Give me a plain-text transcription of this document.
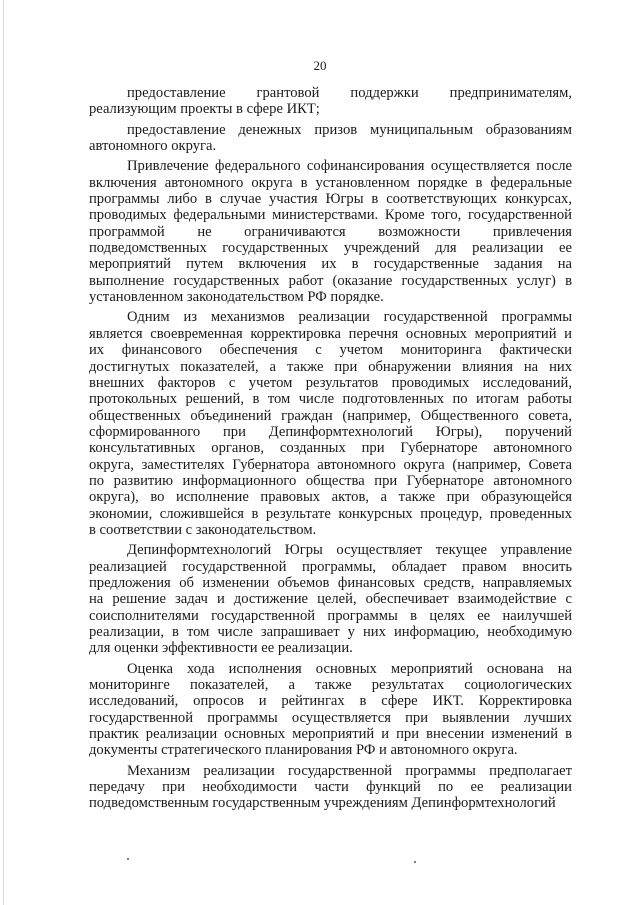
20

предоставление грантовой поддержки предпринимателям,
реализующим проекты в сфере ИКТ;

предоставление денежных призов муниципальным образованиям
автономного округа.

Привлечение федерального софинансирования осуществляется после
включения автономного округа в установленном порядке в федеральные
программы либо в случае участия Югры в соответствующих конкурсах,
проводимых федеральными министерствами. Кроме того, государственной
программой не ограничиваются возможности привлечения
подведомственных государственных учреждений для реализации ее
мероприятий путем включения их в государственные задания на
выполнение государственных работ (оказание государственных услуг) в
установленном законодательством РФ порядке.

Одним из механизмов реализации государственной программы
является своевременная корректировка перечня основных мероприятий и
их финансового обеспечения с учетом мониторинга фактически
достигнутых показателей, а также при обнаружении влияния на них
внешних факторов с учетом результатов проводимых исследований,
протокольных решений, в том числе подготовленных по итогам работы
общественных объединений граждан (например, Общественного совета,
сформированного при Депинформтехнологий Югры), поручений
консультативных органов, созданных при Губернаторе автономного
округа, заместителях Губернатора автономного округа (например, Совета
по развитию информационного общества при Губернаторе автономного
округа), во исполнение правовых актов, а также при образующейся
экономии, сложившейся в результате конкурсных процедур, проведенных
в соответствии с законодательством.

Депинформтехнологий Югры осуществляет текущее управление
реализацией государственной программы, обладает правом вносить
предложения об изменении объемов финансовых средств, направляемых
на решение задач и достижение целей, обеспечивает взаимодействие с
соисполнителями государственной программы в целях ее наилучшей
реализации, в том числе запрашивает у них информацию, необходимую
для оценки эффективности ее реализации.

Оценка хода исполнения основных мероприятий основана на
мониторинге показателей, а также результатах социологических
исследований, опросов и рейтингах в сфере ИКТ. Корректировка
государственной программы осуществляется при выявлении лучших
практик реализации основных мероприятий и при внесении изменений в
документы стратегического планирования РФ и автономного округа.

Механизм реализации государственной программы предполагает
передачу при необходимости части функций по ее реализации
подведомственным государственным учреждениям Депинформтехнологий
